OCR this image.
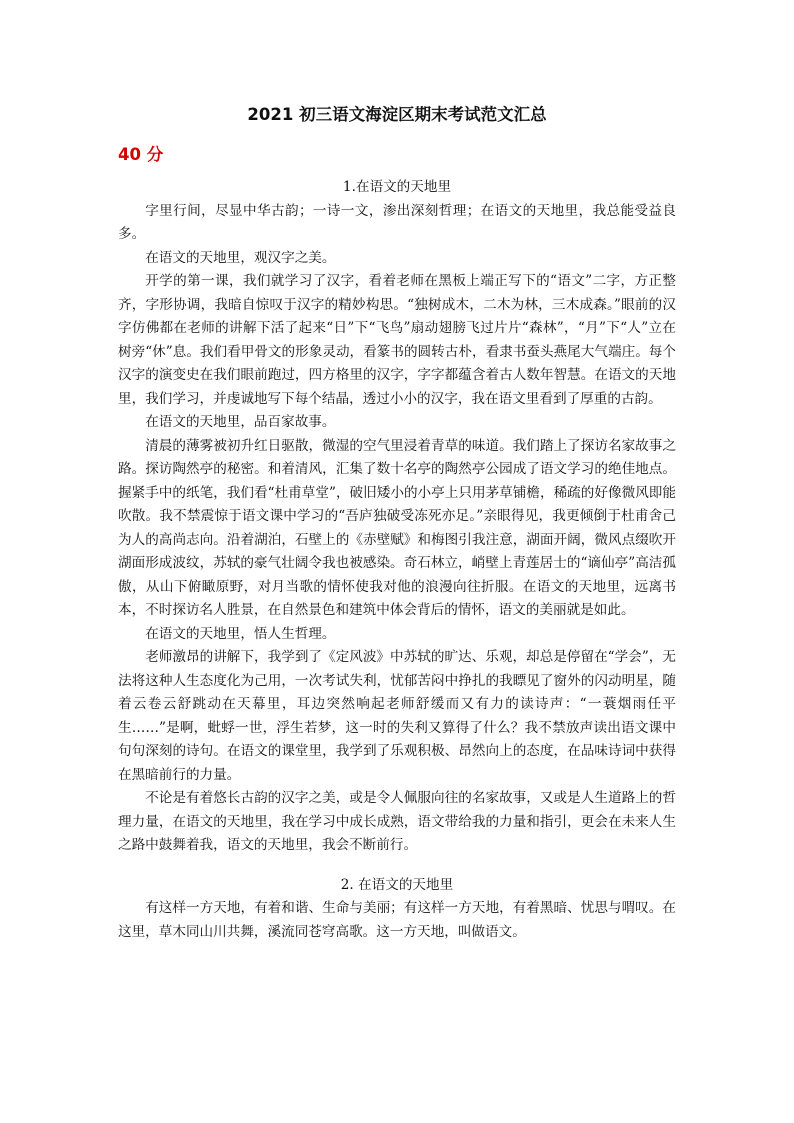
2021 初三语文海淀区期末考试范文汇总
40 分
1.在语文的天地里

字里行间，尽显中华古韵；一诗一文，渗出深刻哲理；在语文的天地里，我总能受益良多。

在语文的天地里，观汉字之美。

开学的第一课，我们就学习了汉字，看着老师在黑板上端正写下的“语文”二字，方正整齐，字形协调，我暗自惊叹于汉字的精妙构思。“独树成木，二木为林，三木成森。”眼前的汉字仿佛都在老师的讲解下活了起来“日”下“飞鸟”扇动翅膀飞过片片“森林”，“月”下“人”立在树旁“休”息。我们看甲骨文的形象灵动，看篆书的圆转古朴，看隶书蚕头燕尾大气端庄。每个汉字的演变史在我们眼前跑过，四方格里的汉字，字字都蕴含着古人数年智慧。在语文的天地里，我们学习，并虔诚地写下每个结晶，透过小小的汉字，我在语文里看到了厚重的古韵。

在语文的天地里，品百家故事。

清晨的薄雾被初升红日驱散，微湿的空气里浸着青草的味道。我们踏上了探访名家故事之路。探访陶然亭的秘密。和着清风，汇集了数十名亭的陶然亭公园成了语文学习的绝佳地点。握紧手中的纸笔，我们看“杜甫草堂”，破旧矮小的小亭上只用茅草铺檐，稀疏的好像微风即能吹散。我不禁震惊于语文课中学习的“吾庐独破受冻死亦足。”亲眼得见，我更倾倒于杜甫舍己为人的高尚志向。沿着湖泊，石壁上的《赤壁赋》和梅图引我注意，湖面开阔，微风点缀吹开湖面形成波纹，苏轼的豪气壮阔令我也被感染。奇石林立，峭壁上青莲居士的“谪仙亭”高洁孤傲，从山下俯瞰原野，对月当歌的情怀使我对他的浪漫向往折服。在语文的天地里，远离书本，不时探访名人胜景，在自然景色和建筑中体会背后的情怀，语文的美丽就是如此。

在语文的天地里，悟人生哲理。

老师激昂的讲解下，我学到了《定风波》中苏轼的旷达、乐观，却总是停留在“学会”，无法将这种人生态度化为己用，一次考试失利，忧郁苦闷中挣扎的我瞟见了窗外的闪动明星，随着云卷云舒跳动在天幕里，耳边突然响起老师舒缓而又有力的读诗声：“一蓑烟雨任平生……”是啊，蚍蜉一世，浮生若梦，这一时的失利又算得了什么？我不禁放声读出语文课中句句深刻的诗句。在语文的课堂里，我学到了乐观积极、昂然向上的态度，在品味诗词中获得在黑暗前行的力量。

不论是有着悠长古韵的汉字之美，或是令人佩服向往的名家故事，又或是人生道路上的哲理力量，在语文的天地里，我在学习中成长成熟，语文带给我的力量和指引，更会在未来人生之路中鼓舞着我，语文的天地里，我会不断前行。

2. 在语文的天地里

有这样一方天地，有着和谐、生命与美丽；有这样一方天地，有着黑暗、忧思与喟叹。在这里，草木同山川共舞，溪流同苍穹高歌。这一方天地，叫做语文。
